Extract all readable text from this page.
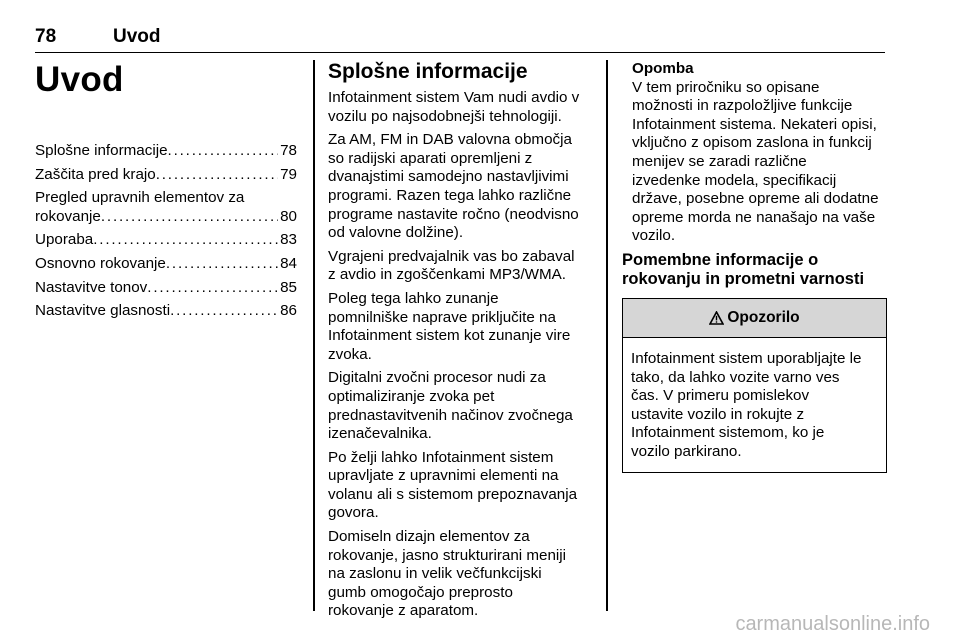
78	Uvod
Uvod
Splošne informacije . . .	78
Zaščita pred krajo . . .	79
Pregled upravnih elementov za
rokovanje . . .	80
Uporaba . . .	83
Osnovno rokovanje . . .	84
Nastavitve tonov . . .	85
Nastavitve glasnosti . . .	86
Splošne informacije
Infotainment sistem Vam nudi avdio v
vozilu po najsodobnejši tehnologiji.
Za AM, FM in DAB valovna območja
so radijski aparati opremljeni z
dvanajstimi samodejno nastavljivimi
programi. Razen tega lahko različne
programe nastavite ročno (neodvisno
od valovne dolžine).
Vgrajeni predvajalnik vas bo zabaval
z avdio in zgoščenkami MP3/WMA.
Poleg tega lahko zunanje
pomnilniške naprave priključite na
Infotainment sistem kot zunanje vire
zvoka.
Digitalni zvočni procesor nudi za
optimaliziranje zvoka pet
prednastavitvenih načinov zvočnega
izenačevalnika.
Po želji lahko Infotainment sistem
upravljate z upravnimi elementi na
volanu ali s sistemom prepoznavanja
govora.
Domiseln dizajn elementov za
rokovanje, jasno strukturirani meniji
na zaslonu in velik večfunkcijski
gumb omogočajo preprosto
rokovanje z aparatom.
Opomba
V tem priročniku so opisane
možnosti in razpoložljive funkcije
Infotainment sistema. Nekateri opisi,
vključno z opisom zaslona in funkcij
menijev se zaradi različne
izvedenke modela, specifikacij
države, posebne opreme ali dodatne
opreme morda ne nanašajo na vaše
vozilo.
Pomembne informacije o
rokovanju in prometni varnosti
Opozorilo
Infotainment sistem uporabljajte le
tako, da lahko vozite varno ves
čas. V primeru pomislekov
ustavite vozilo in rokujte z
Infotainment sistemom, ko je
vozilo parkirano.
carmanualsonline.info
